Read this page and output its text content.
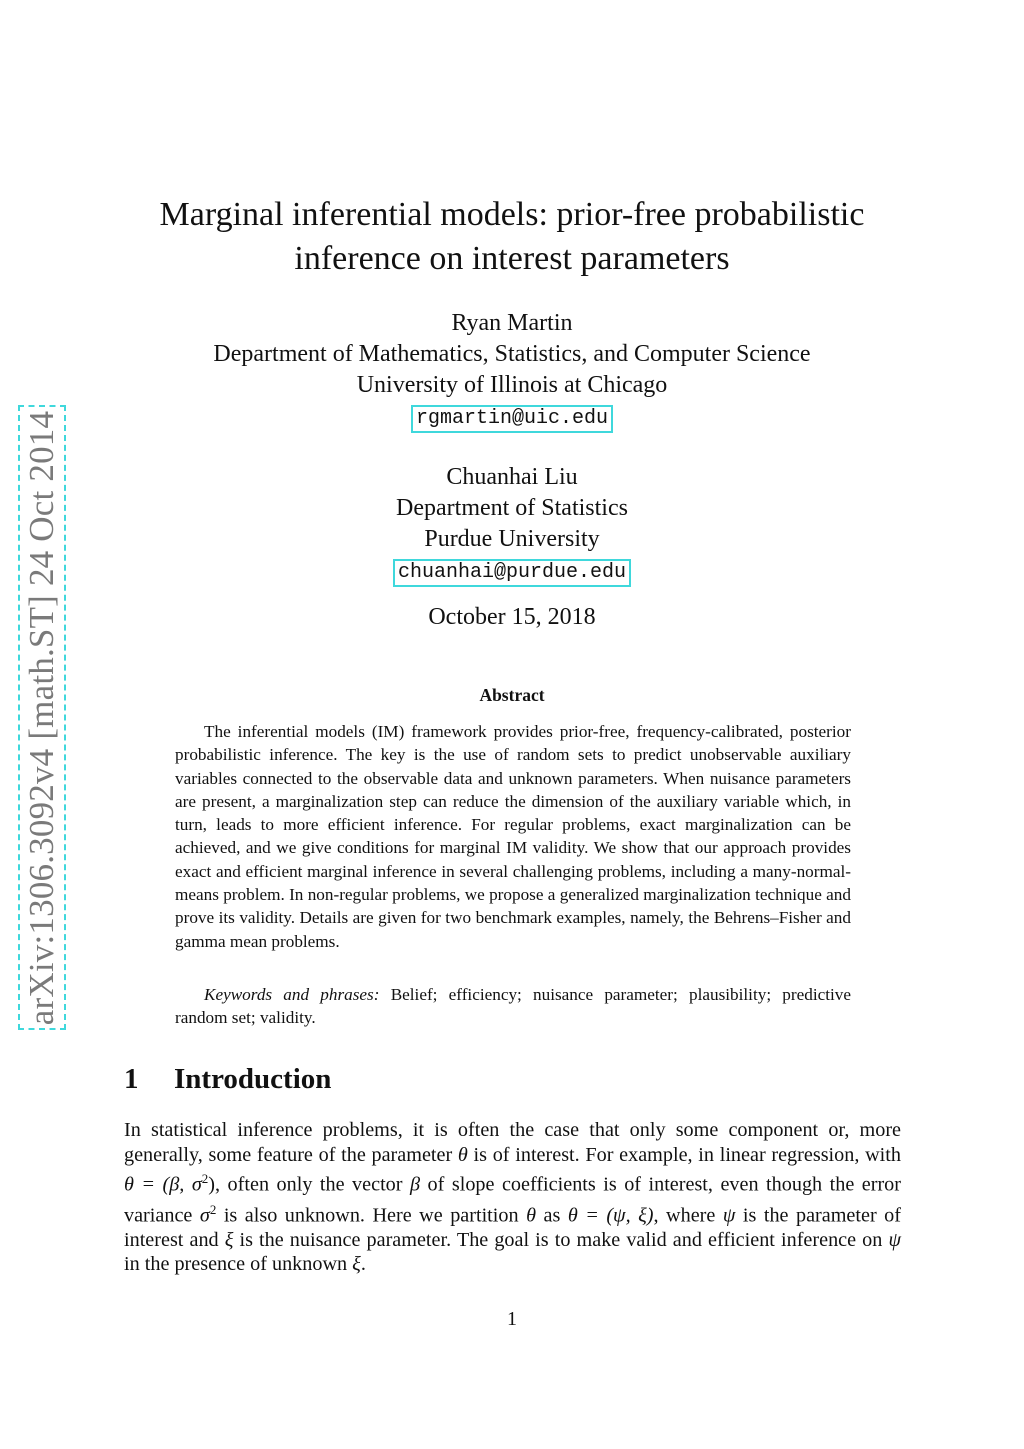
arXiv:1306.3092v4 [math.ST] 24 Oct 2014
Marginal inferential models: prior-free probabilistic
inference on interest parameters
Ryan Martin
Department of Mathematics, Statistics, and Computer Science
University of Illinois at Chicago
rgmartin@uic.edu
Chuanhai Liu
Department of Statistics
Purdue University
chuanhai@purdue.edu
October 15, 2018
Abstract

The inferential models (IM) framework provides prior-free, frequency-calibrated, posterior probabilistic inference. The key is the use of random sets to predict unobservable auxiliary variables connected to the observable data and unknown parameters. When nuisance parameters are present, a marginalization step can reduce the dimension of the auxiliary variable which, in turn, leads to more efficient inference. For regular problems, exact marginalization can be achieved, and we give conditions for marginal IM validity. We show that our approach provides exact and efficient marginal inference in several challenging problems, including a many-normal-means problem. In non-regular problems, we propose a generalized marginalization technique and prove its validity. Details are given for two benchmark examples, namely, the Behrens–Fisher and gamma mean problems.

Keywords and phrases: Belief; efficiency; nuisance parameter; plausibility; predictive random set; validity.

1 Introduction

In statistical inference problems, it is often the case that only some component or, more generally, some feature of the parameter θ is of interest. For example, in linear regression, with θ = (β, $\sigma^2$), often only the vector β of slope coefficients is of interest, even though the error variance $\sigma^2$ is also unknown. Here we partition θ as θ = (ψ, ξ), where ψ is the parameter of interest and ξ is the nuisance parameter. The goal is to make valid and efficient inference on ψ in the presence of unknown ξ.

1
